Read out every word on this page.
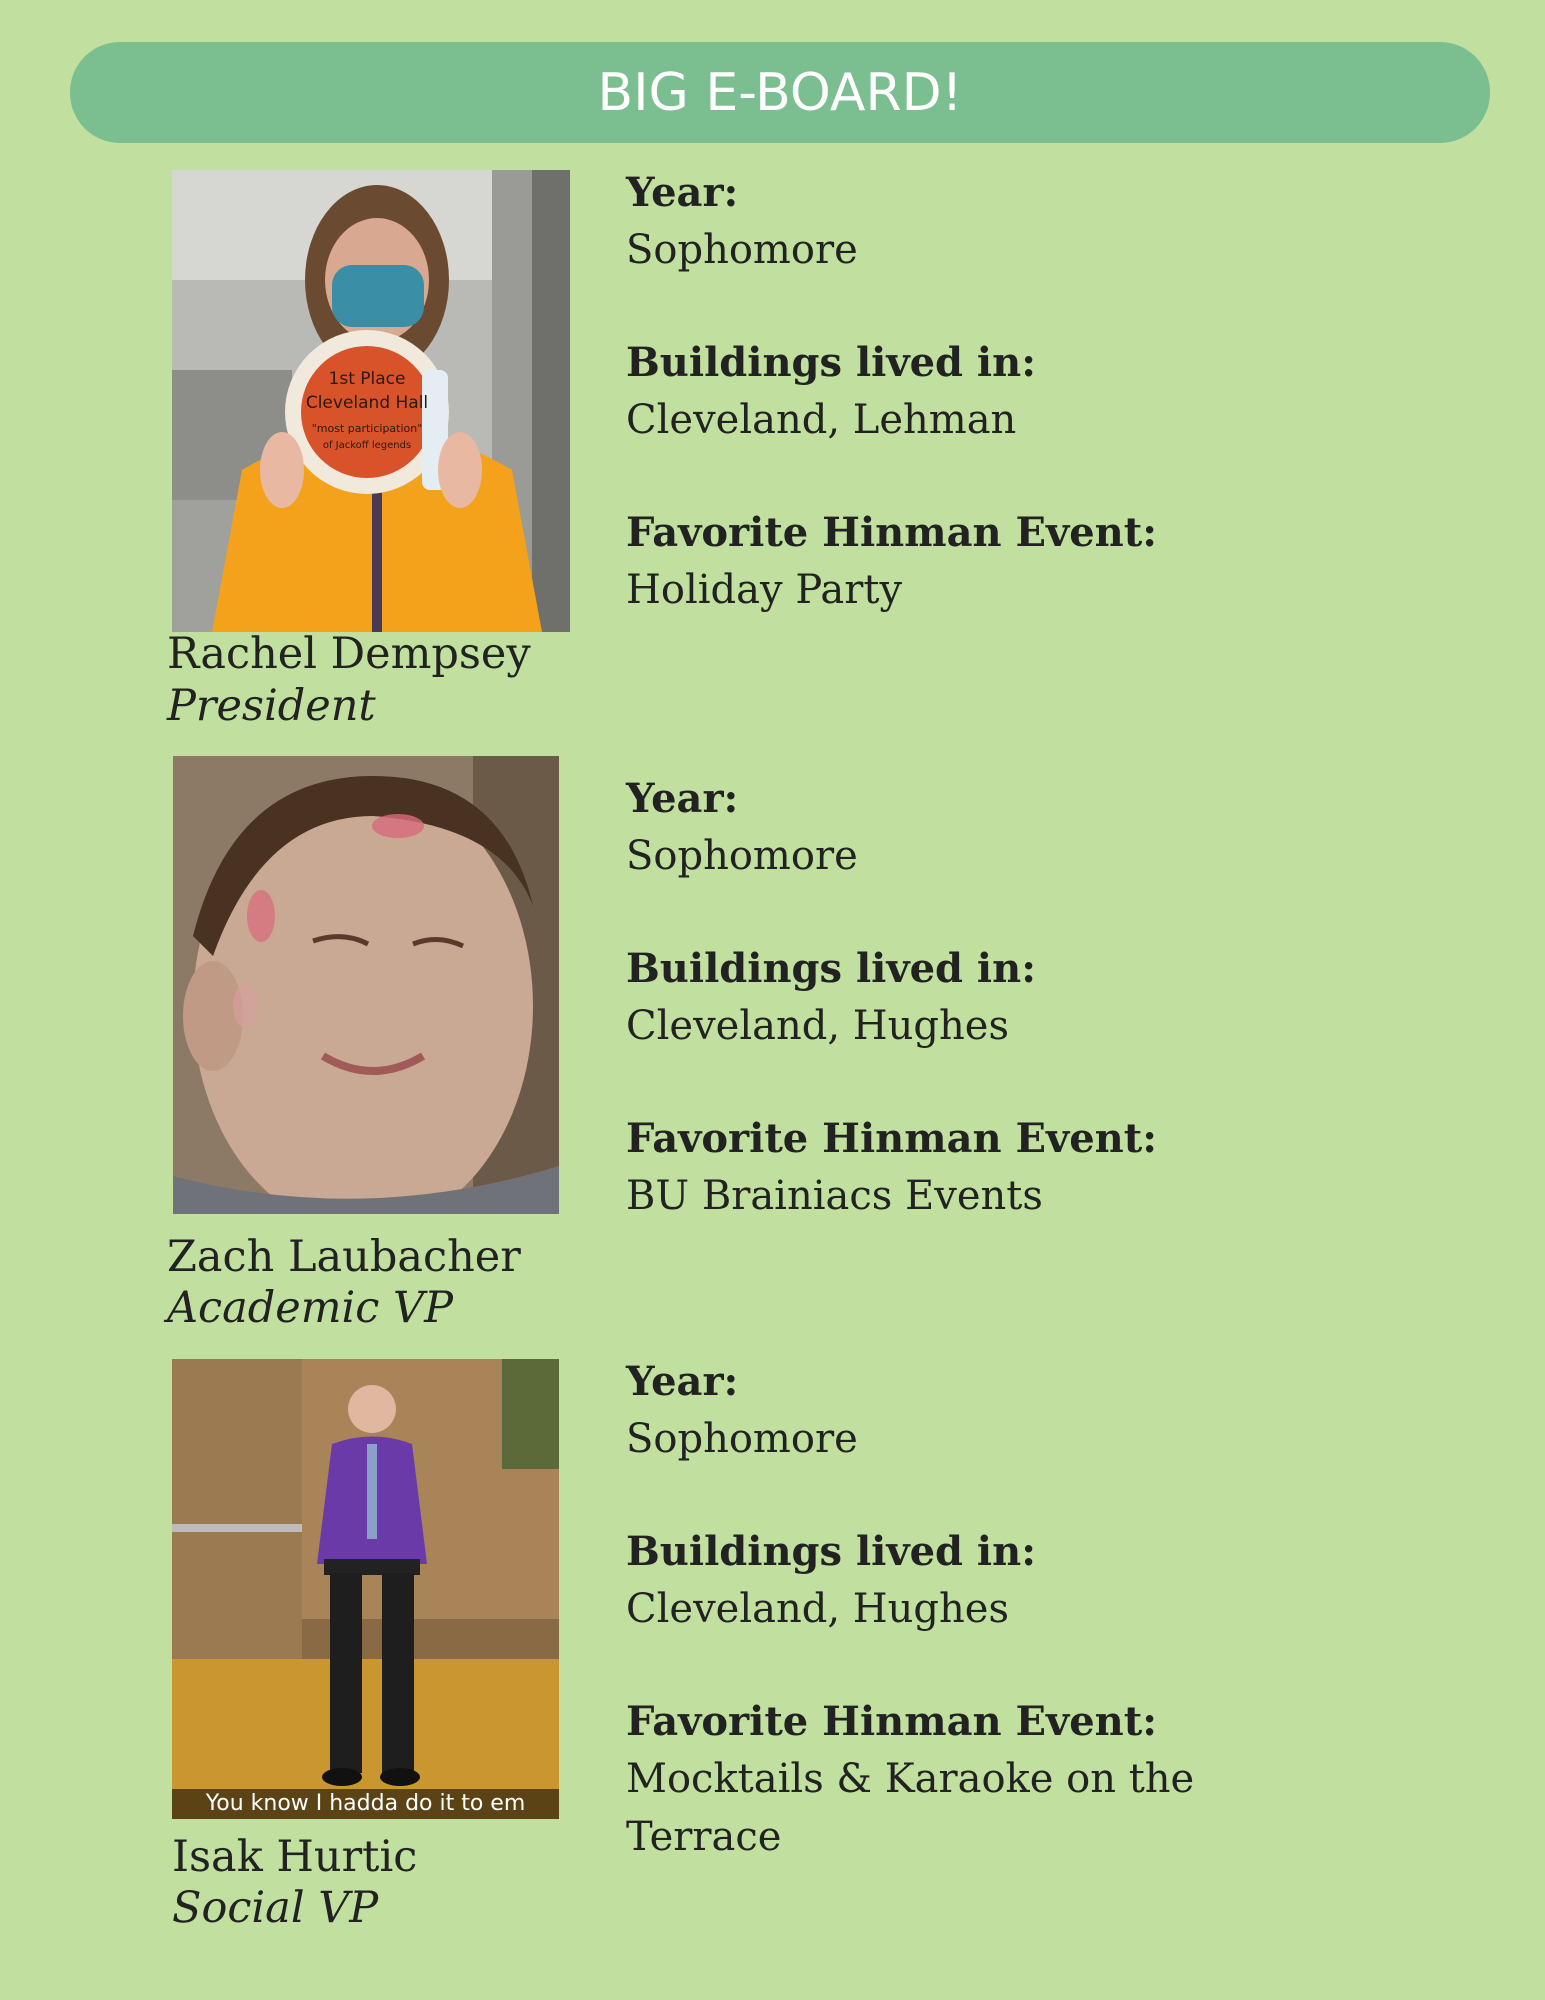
BIG E-BOARD!
1st Place
Cleveland Hall
"most participation"
of Jackoff legends
Rachel Dempsey
President
Year:
Sophomore
Buildings lived in:
Cleveland, Lehman
Favorite Hinman Event:
Holiday Party
Zach Laubacher
Academic VP
Year:
Sophomore
Buildings lived in:
Cleveland, Hughes
Favorite Hinman Event:
BU Brainiacs Events
You know I hadda do it to em
Isak Hurtic
Social VP
Year:
Sophomore
Buildings lived in:
Cleveland, Hughes
Favorite Hinman Event:
Mocktails & Karaoke on the Terrace
